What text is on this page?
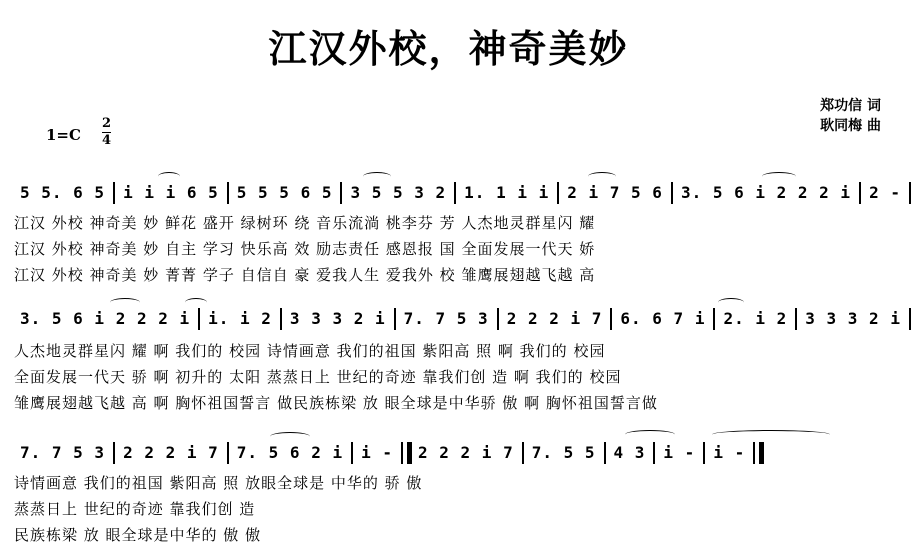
江汉外校，神奇美妙
郑功信 词
耿同梅 曲
1=C
2
4
5 5. 6 5 i i i 6 5 5 5 5 6 5 3 5 5 3 2 1. 1 i i 2 i 7 5 6 3. 5 6 i 2 2 2 i 2 -
江汉 外校 神奇美 妙 鲜花 盛开 绿树环 绕 音乐流淌 桃李芬 芳 人杰地灵群星闪 耀
江汉 外校 神奇美 妙 自主 学习 快乐高 效 励志责任 感恩报 国 全面发展一代天 娇
江汉 外校 神奇美 妙 菁菁 学子 自信自 豪 爱我人生 爱我外 校 雏鹰展翅越飞越 高
3. 5 6 i 2 2 2 i i. i 2 3 3 3 2 i 7. 7 5 3 2 2 2 i 7 6. 6 7 i 2. i 2 3 3 3 2 i
人杰地灵群星闪 耀 啊 我们的 校园 诗情画意 我们的祖国 紫阳高 照 啊 我们的 校园
全面发展一代天 骄 啊 初升的 太阳 蒸蒸日上 世纪的奇迹 靠我们创 造 啊 我们的 校园
雏鹰展翅越飞越 高 啊 胸怀祖国誓言 做民族栋梁 放 眼全球是中华骄 傲 啊 胸怀祖国誓言做
7. 7 5 3 2 2 2 i 7 7. 5 6 2 i i - 2 2 2 i 7 7. 5 5 4 3 i - i -
诗情画意 我们的祖国 紫阳高 照 放眼全球是 中华的 骄 傲
蒸蒸日上 世纪的奇迹 靠我们创 造
民族栋梁 放 眼全球是中华的 傲 傲
